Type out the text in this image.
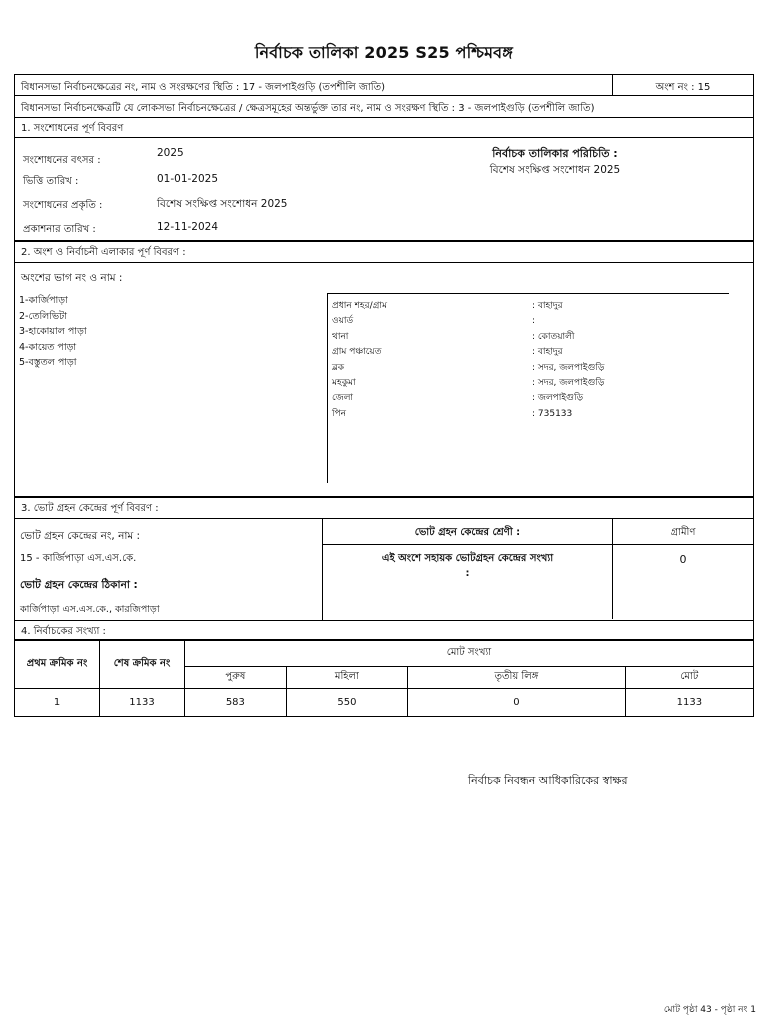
নির্বাচক তালিকা 2025 S25 পশ্চিমবঙ্গ
বিধানসভা নির্বাচনক্ষেত্রের নং, নাম ও সংরক্ষণের স্থিতি : 17 - জলপাইগুড়ি (তপশীলি জাতি)	অংশ নং : 15
বিধানসভা নির্বাচনক্ষেত্রটি যে লোকসভা নির্বাচনক্ষেত্রের / ক্ষেত্রসমূহের অন্তর্ভুক্ত তার নং, নাম ও সংরক্ষণ স্থিতি : 3 - জলপাইগুড়ি (তপশীলি জাতি)
1. সংশোধনের পূর্ণ বিবরণ
সংশোধনের বৎসর :
2025
ভিত্তি তারিখ :	01-01-2025
সংশোধনের প্রকৃতি :	বিশেষ সংক্ষিপ্ত সংশোধন 2025
প্রকাশনার তারিখ :	12-11-2024
নির্বাচক তালিকার পরিচিতি :
বিশেষ সংক্ষিপ্ত সংশোধন 2025
2. অংশ ও নির্বাচনী এলাকার পূর্ণ বিবরণ :
অংশের ভাগ নং ও নাম :
1-কার্জিপাড়া
2-তেলিভিটা
3-হাকোয়াল পাড়া
4-কায়েত পাড়া
5-বস্তুতল পাড়া
প্রধান শহর/গ্রাম	: বাহাদুর
ওয়ার্ড	:
থানা	: কোতয়ালী
গ্রাম পঞ্চায়েত	: বাহাদুর
ব্লক	: সদর, জলপাইগুড়ি
মহকুমা	: সদর, জলপাইগুড়ি
জেলা	: জলপাইগুড়ি
পিন	: 735133
3. ভোট গ্রহন কেন্দ্রের পূর্ণ বিবরণ :
ভোট গ্রহন কেন্দ্রের নং, নাম :
15 - কার্জিপাড়া এস.এস.কে.
ভোট গ্রহন কেন্দ্রের ঠিকানা :
কার্জিপাড়া এস.এস.কে., কারজিপাড়া
ভোট গ্রহন কেন্দ্রের শ্রেণী :	গ্রামীণ
এই অংশে সহায়ক ভোটগ্রহন কেন্দ্রের সংখ্যা
:
0
4. নির্বাচকের সংখ্যা :
প্রথম ক্রমিক নং	শেষ ক্রমিক নং	মোট সংখ্যা			
		পুরুষ	মহিলা	তৃতীয় লিঙ্গ	মোট
1	1133	583	550	0	1133
নির্বাচক নিবন্ধন আধিকারিকের স্বাক্ষর
মোট পৃষ্ঠা 43 - পৃষ্ঠা নং 1
